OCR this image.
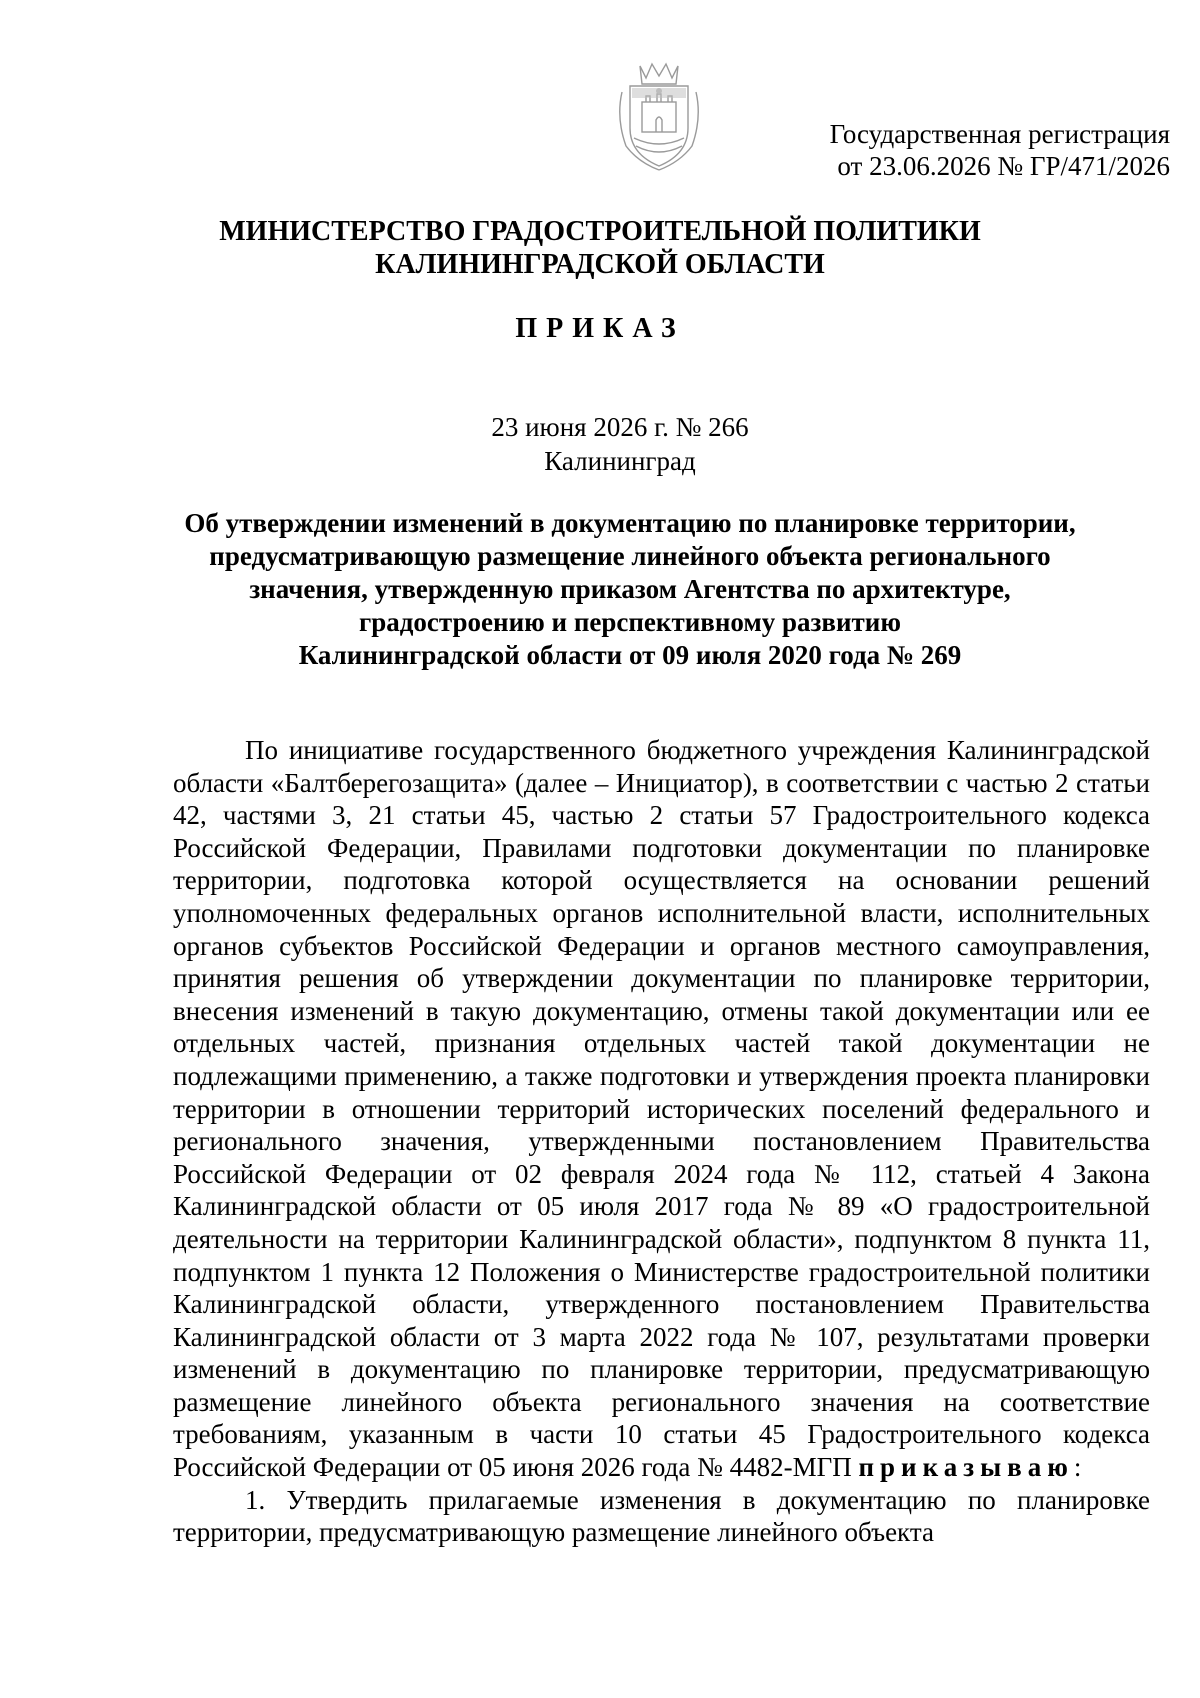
Государственная регистрация
от 23.06.2026 № ГР/471/2026
МИНИСТЕРСТВО ГРАДОСТРОИТЕЛЬНОЙ ПОЛИТИКИ
КАЛИНИНГРАДСКОЙ ОБЛАСТИ
ПРИКАЗ
23 июня 2026 г. № 266
Калининград
Об утверждении изменений в документацию по планировке территории,
предусматривающую размещение линейного объекта регионального
значения, утвержденную приказом Агентства по архитектуре,
градостроению и перспективному развитию
Калининградской области от 09 июля 2020 года № 269

По инициативе государственного бюджетного учреждения Калининградской области «Балтберегозащита» (далее – Инициатор), в соответствии с частью 2 статьи 42, частями 3, 21 статьи 45, частью 2 статьи 57 Градостроительного кодекса Российской Федерации, Правилами подготовки документации по планировке территории, подготовка которой осуществляется на основании решений уполномоченных федеральных органов исполнительной власти, исполнительных органов субъектов Российской Федерации и органов местного самоуправления, принятия решения об утверждении документации по планировке территории, внесения изменений в такую документацию, отмены такой документации или ее отдельных частей, признания отдельных частей такой документации не подлежащими применению, а также подготовки и утверждения проекта планировки территории в отношении территорий исторических поселений федерального и регионального значения, утвержденными постановлением Правительства Российской Федерации от 02 февраля 2024 года № 112, статьей 4 Закона Калининградской области от 05 июля 2017 года № 89 «О градостроительной деятельности на территории Калининградской области», подпунктом 8 пункта 11, подпунктом 1 пункта 12 Положения о Министерстве градостроительной политики Калининградской области, утвержденного постановлением Правительства Калининградской области от 3 марта 2022 года № 107, результатами проверки изменений в документацию по планировке территории, предусматривающую размещение линейного объекта регионального значения на соответствие требованиям, указанным в части 10 статьи 45 Градостроительного кодекса Российской Федерации от 05 июня 2026 года № 4482-МГП приказываю:

1. Утвердить прилагаемые изменения в документацию по планировке территории, предусматривающую размещение линейного объекта
